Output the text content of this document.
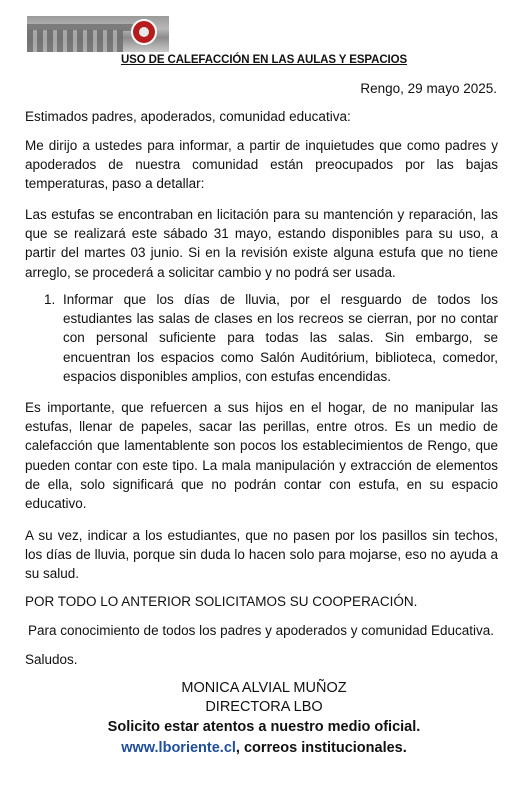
USO DE CALEFACCIÓN EN LAS AULAS Y ESPACIOS
Rengo, 29 mayo 2025.

Estimados padres, apoderados, comunidad educativa:

Me dirijo a ustedes para informar, a partir de inquietudes que como padres y apoderados de nuestra comunidad están preocupados por las bajas temperaturas, paso a detallar:

Las estufas se encontraban en licitación para su mantención y reparación, las que se realizará este sábado 31 mayo, estando disponibles para su uso, a partir del martes 03 junio. Si en la revisión existe alguna estufa que no tiene arreglo, se procederá a solicitar cambio y no podrá ser usada.

1. Informar que los días de lluvia, por el resguardo de todos los estudiantes las salas de clases en los recreos se cierran, por no contar con personal suficiente para todas las salas. Sin embargo, se encuentran los espacios como Salón Auditórium, biblioteca, comedor, espacios disponibles amplios, con estufas encendidas.

Es importante, que refuercen a sus hijos en el hogar, de no manipular las estufas, llenar de papeles, sacar las perillas, entre otros. Es un medio de calefacción que lamentablente son pocos los establecimientos de Rengo, que pueden contar con este tipo. La mala manipulación y extracción de elementos de ella, solo significará que no podrán contar con estufa, en su espacio educativo.

A su vez, indicar a los estudiantes, que no pasen por los pasillos sin techos, los días de lluvia, porque sin duda lo hacen solo para mojarse, eso no ayuda a su salud.

POR TODO LO ANTERIOR SOLICITAMOS SU COOPERACIÓN.

Para conocimiento de todos los padres y apoderados y comunidad Educativa.

Saludos.

MONICA ALVIAL MUÑOZ
DIRECTORA LBO
Solicito estar atentos a nuestro medio oficial.
www.lboriente.cl, correos institucionales.
